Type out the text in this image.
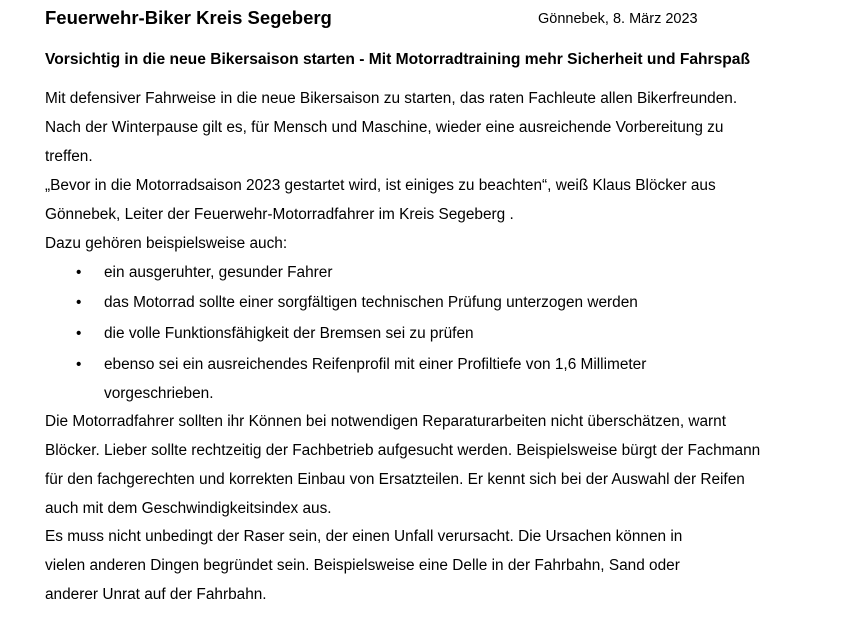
Feuerwehr-Biker Kreis Segeberg	Gönnebek, 8. März 2023
Vorsichtig in die neue Bikersaison starten - Mit Motorradtraining mehr Sicherheit und Fahrspaß
Mit defensiver Fahrweise in die neue Bikersaison zu starten, das raten Fachleute allen Bikerfreunden.
Nach der Winterpause gilt es, für Mensch und Maschine, wieder eine ausreichende Vorbereitung zu
treffen.
„Bevor in die Motorradsaison 2023 gestartet wird, ist einiges zu beachten“, weiß Klaus Blöcker aus
Gönnebek, Leiter der Feuerwehr-Motorradfahrer im Kreis Segeberg .
Dazu gehören beispielsweise auch:
• ein ausgeruhter, gesunder Fahrer
• das Motorrad sollte einer sorgfältigen technischen Prüfung unterzogen werden
• die volle Funktionsfähigkeit der Bremsen sei zu prüfen
• ebenso sei ein ausreichendes Reifenprofil mit einer Profiltiefe von 1,6 Millimeter
vorgeschrieben.
Die Motorradfahrer sollten ihr Können bei notwendigen Reparaturarbeiten nicht überschätzen, warnt
Blöcker. Lieber sollte rechtzeitig der Fachbetrieb aufgesucht werden. Beispielsweise bürgt der Fachmann
für den fachgerechten und korrekten Einbau von Ersatzteilen. Er kennt sich bei der Auswahl der Reifen
auch mit dem Geschwindigkeitsindex aus.
Es muss nicht unbedingt der Raser sein, der einen Unfall verursacht. Die Ursachen können in
vielen anderen Dingen begründet sein. Beispielsweise eine Delle in der Fahrbahn, Sand oder
anderer Unrat auf der Fahrbahn.
